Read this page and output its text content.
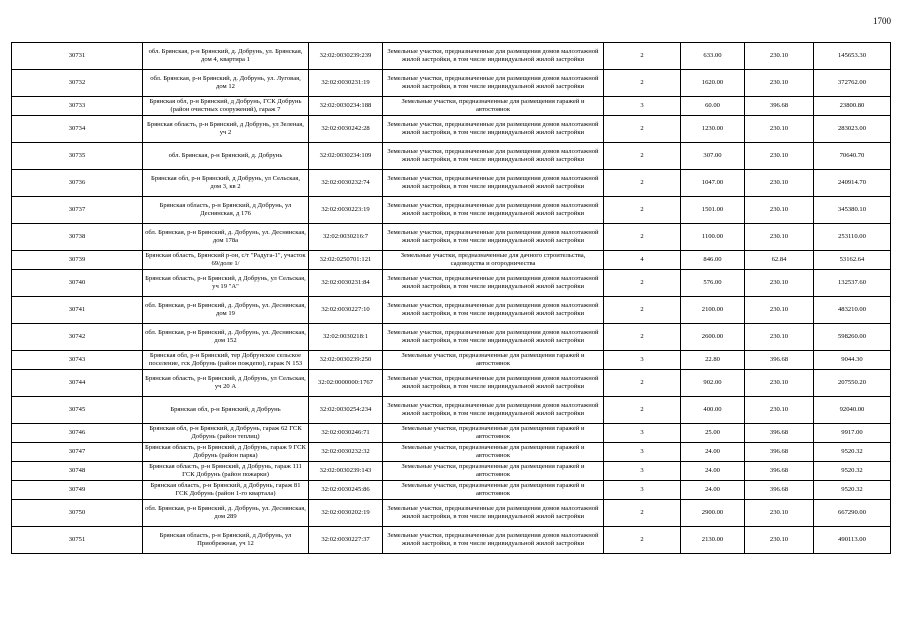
1700
30731	обл. Брянская, р-н Брянский, д. Добрунь, ул. Брянская, дом 4, квартира 1	32:02:0030239:239	Земельные участки, предназначенные для размещения домов малоэтажной жилой застройки, в том числе индивидуальной жилой застройки	2	633.00	230.10	145653.30
30732	обл. Брянская, р-н Брянский, д. Добрунь, ул. Луговая, дом 12	32:02:0030231:19	Земельные участки, предназначенные для размещения домов малоэтажной жилой застройки, в том числе индивидуальной жилой застройки	2	1620.00	230.10	372762.00
30733	Брянская обл, р-н Брянский, д Добрунь, ГСК Добрунь (район очистных сооружений), гараж 7	32:02:0030234:188	Земельные участки, предназначенные для размещения гаражей и автостоянок	3	60.00	396.68	23800.80
30734	Брянская область, р-н Брянский, д Добрунь, ул Зеленая, уч 2	32:02:0030242:28	Земельные участки, предназначенные для размещения домов малоэтажной жилой застройки, в том числе индивидуальной жилой застройки	2	1230.00	230.10	283023.00
30735	обл. Брянская, р-н Брянский, д. Добрунь	32:02:0030234:109	Земельные участки, предназначенные для размещения домов малоэтажной жилой застройки, в том числе индивидуальной жилой застройки	2	307.00	230.10	70640.70
30736	Брянская обл, р-н Брянский, д Добрунь, ул Сельская, дом 3, кв 2	32:02:0030232:74	Земельные участки, предназначенные для размещения домов малоэтажной жилой застройки, в том числе индивидуальной жилой застройки	2	1047.00	230.10	240914.70
30737	Брянская область, р-н Брянский, д Добрунь, ул Деснянская, д 176	32:02:0030223:19	Земельные участки, предназначенные для размещения домов малоэтажной жилой застройки, в том числе индивидуальной жилой застройки	2	1501.00	230.10	345380.10
30738	обл. Брянская, р-н Брянский, д. Добрунь, ул. Деснянская, дом 178а	32:02:0030216:7	Земельные участки, предназначенные для размещения домов малоэтажной жилой застройки, в том числе индивидуальной жилой застройки	2	1100.00	230.10	253110.00
30739	Брянская область, Брянский р-он, с/т "Радуга-1", участок 69/доле 1/	32:02:0250701:121	Земельные участки, предназначенные для дачного строительства, садоводства и огородничества	4	846.00	62.84	53162.64
30740	Брянская область, р-н Брянский, д Добрунь, ул Сельская, уч 19 "А"	32:02:0030231:84	Земельные участки, предназначенные для размещения домов малоэтажной жилой застройки, в том числе индивидуальной жилой застройки	2	576.00	230.10	132537.60
30741	обл. Брянская, р-н Брянский, д. Добрунь, ул. Деснянская, дом 19	32:02:0030227:10	Земельные участки, предназначенные для размещения домов малоэтажной жилой застройки, в том числе индивидуальной жилой застройки	2	2100.00	230.10	483210.00
30742	обл. Брянская, р-н Брянский, д. Добрунь, ул. Деснянская, дом 152	32:02:0030218:1	Земельные участки, предназначенные для размещения домов малоэтажной жилой застройки, в том числе индивидуальной жилой застройки	2	2600.00	230.10	598260.00
30743	Брянская обл, р-н Брянский, тер Добрунское сельское поселение, гск Добрунь (район пождепо), гараж N 153	32:02:0030239:250	Земельные участки, предназначенные для размещения гаражей и автостоянок	3	22.80	396.68	9044.30
30744	Брянская область, р-н Брянский, д Добрунь, ул Сельская, уч 20 А	32:02:0000000:1767	Земельные участки, предназначенные для размещения домов малоэтажной жилой застройки, в том числе индивидуальной жилой застройки	2	902.00	230.10	207550.20
30745	Брянская обл, р-н Брянский, д Добрунь	32:02:0030254:234	Земельные участки, предназначенные для размещения домов малоэтажной жилой застройки, в том числе индивидуальной жилой застройки	2	400.00	230.10	92040.00
30746	Брянская обл, р-н Брянский, д Добрунь, гараж 62 ГСК Добрунь (район теплиц)	32:02:0030246:71	Земельные участки, предназначенные для размещения гаражей и автостоянок	3	25.00	396.68	9917.00
30747	Брянская область, р-н Брянский, д Добрунь, гараж 9 ГСК Добрунь (район парка)	32:02:0030232:32	Земельные участки, предназначенные для размещения гаражей и автостоянок	3	24.00	396.68	9520.32
30748	Брянская область, р-н Брянский, д Добрунь, гараж 111 ГСК Добрунь (район пожарки)	32:02:0030239:143	Земельные участки, предназначенные для размещения гаражей и автостоянок	3	24.00	396.68	9520.32
30749	Брянская область, р-н Брянский, д Добрунь, гараж 81 ГСК Добрунь (район 1-го квартала)	32:02:0030245:86	Земельные участки, предназначенные для размещения гаражей и автостоянок	3	24.00	396.68	9520.32
30750	обл. Брянская, р-н Брянский, д. Добрунь, ул. Деснянская, дом 289	32:02:0030202:19	Земельные участки, предназначенные для размещения домов малоэтажной жилой застройки, в том числе индивидуальной жилой застройки	2	2900.00	230.10	667290.00
30751	Брянская область, р-н Брянский, д Добрунь, ул Приобрежная, уч 12	32:02:0030227:37	Земельные участки, предназначенные для размещения домов малоэтажной жилой застройки, в том числе индивидуальной жилой застройки	2	2130.00	230.10	490113.00
